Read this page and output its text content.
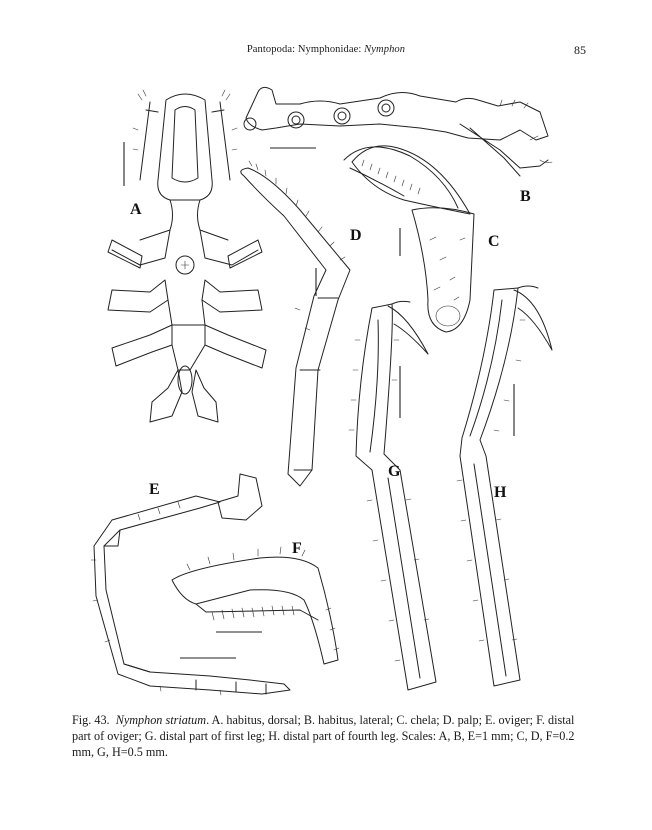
Pantopoda: Nymphonidae: Nymphon	85
A
B
C
D
E
F
G
H
Fig. 43. Nymphon striatum. A. habitus, dorsal; B. habitus, lateral; C. chela; D. palp; E. oviger; F. distal part of oviger; G. distal part of first leg; H. distal part of fourth leg. Scales: A, B, E=1 mm; C, D, F=0.2 mm, G, H=0.5 mm.
